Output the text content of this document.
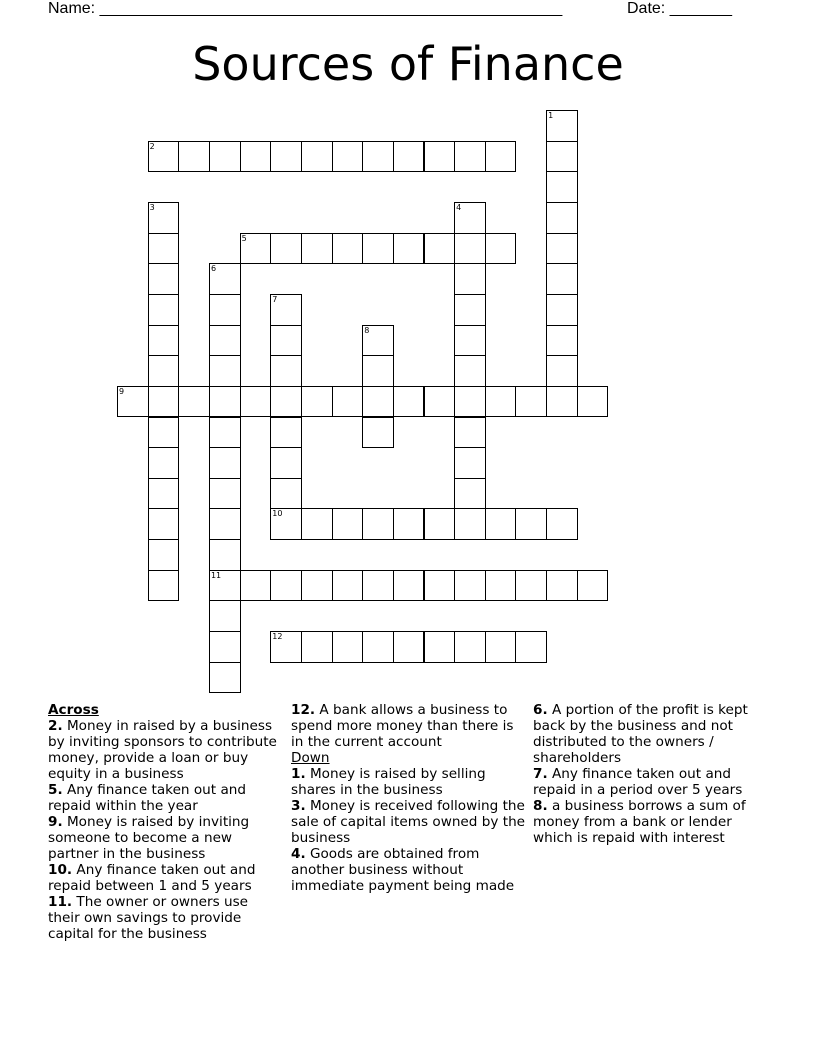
Name: ____________________________________________________	Date: _______
Sources of Finance
1
2
3	4
5
6
11
7
8
9
10
12
Across

2. Money in raised by a business by inviting sponsors to contribute money, provide a loan or buy equity in a business

5. Any finance taken out and repaid within the year

9. Money is raised by inviting someone to become a new partner in the business

10. Any finance taken out and repaid between 1 and 5 years

11. The owner or owners use their own savings to provide capital for the business

12. A bank allows a business to spend more money than there is in the current account

Down

1. Money is raised by selling shares in the business

3. Money is received following the sale of capital items owned by the business

4. Goods are obtained from another business without immediate payment being made

6. A portion of the profit is kept back by the business and not distributed to the owners / shareholders

7. Any finance taken out and repaid in a period over 5 years

8. a business borrows a sum of money from a bank or lender which is repaid with interest
